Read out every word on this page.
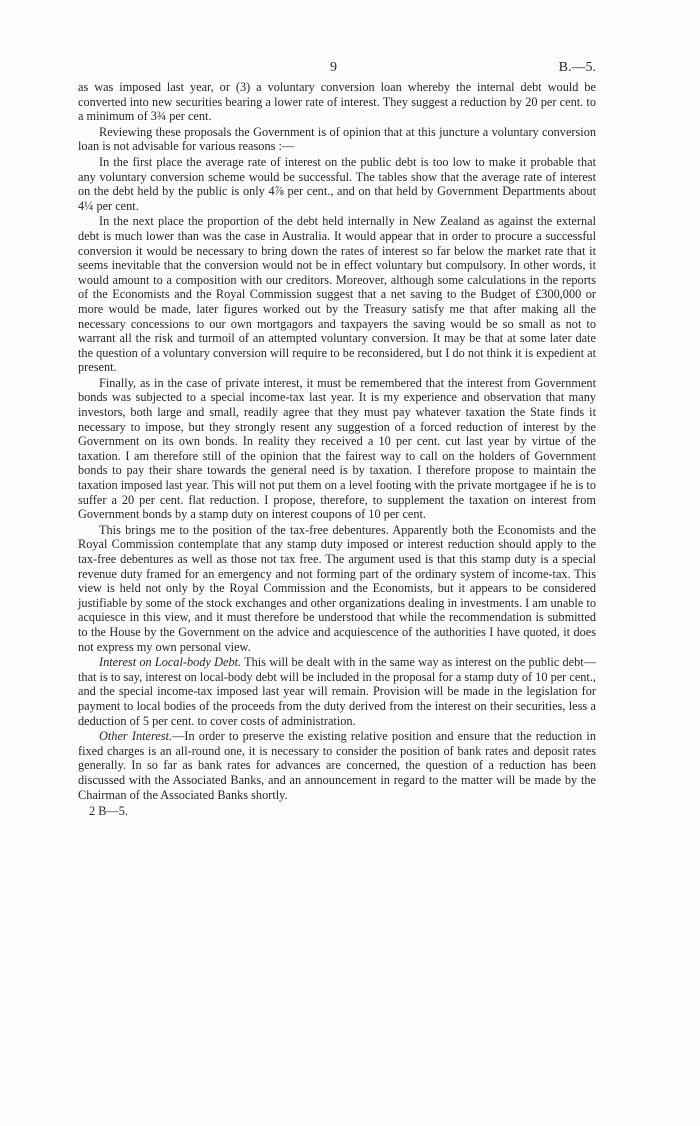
9	B.—5.

as was imposed last year, or (3) a voluntary conversion loan whereby the internal debt would be converted into new securities bearing a lower rate of interest. They suggest a reduction by 20 per cent. to a minimum of 3¾ per cent.

Reviewing these proposals the Government is of opinion that at this juncture a voluntary conversion loan is not advisable for various reasons :—

In the first place the average rate of interest on the public debt is too low to make it probable that any voluntary conversion scheme would be successful. The tables show that the average rate of interest on the debt held by the public is only 4⅞ per cent., and on that held by Government Departments about 4¼ per cent.

In the next place the proportion of the debt held internally in New Zealand as against the external debt is much lower than was the case in Australia. It would appear that in order to procure a successful conversion it would be necessary to bring down the rates of interest so far below the market rate that it seems inevitable that the conversion would not be in effect voluntary but compulsory. In other words, it would amount to a composition with our creditors. Moreover, although some calculations in the reports of the Economists and the Royal Commission suggest that a net saving to the Budget of £300,000 or more would be made, later figures worked out by the Treasury satisfy me that after making all the necessary concessions to our own mortgagors and taxpayers the saving would be so small as not to warrant all the risk and turmoil of an attempted voluntary conversion. It may be that at some later date the question of a voluntary conversion will require to be reconsidered, but I do not think it is expedient at present.

Finally, as in the case of private interest, it must be remembered that the interest from Government bonds was subjected to a special income-tax last year. It is my experience and observation that many investors, both large and small, readily agree that they must pay whatever taxation the State finds it necessary to impose, but they strongly resent any suggestion of a forced reduction of interest by the Government on its own bonds. In reality they received a 10 per cent. cut last year by virtue of the taxation. I am therefore still of the opinion that the fairest way to call on the holders of Government bonds to pay their share towards the general need is by taxation. I therefore propose to maintain the taxation imposed last year. This will not put them on a level footing with the private mortgagee if he is to suffer a 20 per cent. flat reduction. I propose, therefore, to supplement the taxation on interest from Government bonds by a stamp duty on interest coupons of 10 per cent.

This brings me to the position of the tax-free debentures. Apparently both the Economists and the Royal Commission contemplate that any stamp duty imposed or interest reduction should apply to the tax-free debentures as well as those not tax free. The argument used is that this stamp duty is a special revenue duty framed for an emergency and not forming part of the ordinary system of income-tax. This view is held not only by the Royal Commission and the Economists, but it appears to be considered justifiable by some of the stock exchanges and other organizations dealing in investments. I am unable to acquiesce in this view, and it must therefore be understood that while the recommendation is submitted to the House by the Government on the advice and acquiescence of the authorities I have quoted, it does not express my own personal view.

Interest on Local-body Debt. This will be dealt with in the same way as interest on the public debt—that is to say, interest on local-body debt will be included in the proposal for a stamp duty of 10 per cent., and the special income-tax imposed last year will remain. Provision will be made in the legislation for payment to local bodies of the proceeds from the duty derived from the interest on their securities, less a deduction of 5 per cent. to cover costs of administration.

Other Interest.—In order to preserve the existing relative position and ensure that the reduction in fixed charges is an all-round one, it is necessary to consider the position of bank rates and deposit rates generally. In so far as bank rates for advances are concerned, the question of a reduction has been discussed with the Associated Banks, and an announcement in regard to the matter will be made by the Chairman of the Associated Banks shortly.

2 B—5.
